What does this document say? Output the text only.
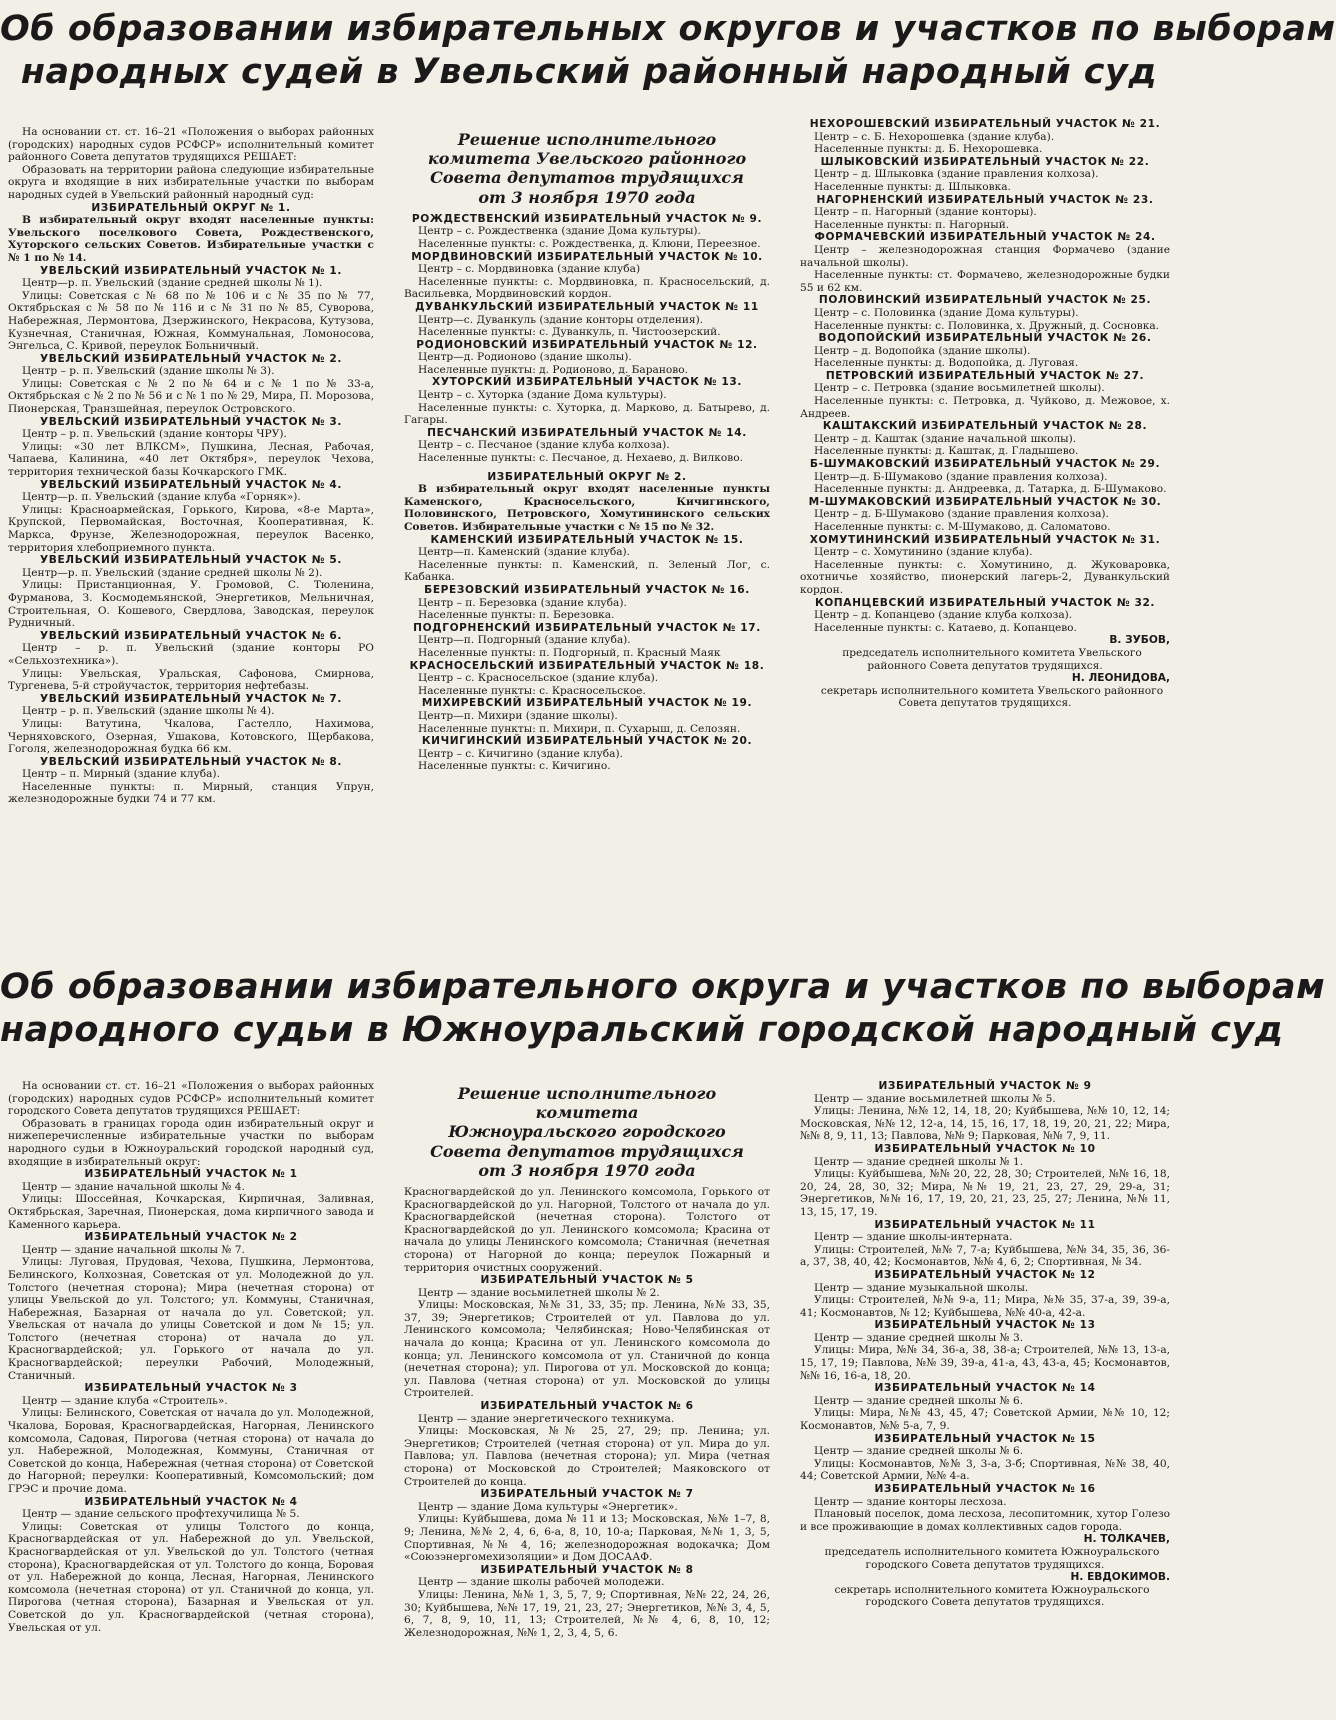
Об образовании избирательных округов и участков по выборам
народных судей в Увельский районный народный суд

На основании ст. ст. 16–21 «Положения о выборах районных (городских) народных судов РСФСР» исполнительный комитет районного Совета депутатов трудящихся РЕШАЕТ:

Образовать на территории района следующие избирательные округа и входящие в них избирательные участки по выборам народных судей в Увельский районный народный суд:

ИЗБИРАТЕЛЬНЫЙ ОКРУГ № 1.

В избирательный округ входят населенные пункты: Увельского поселкового Совета, Рождественского, Хуторского сельских Советов. Избирательные участки с № 1 по № 14.

УВЕЛЬСКИЙ ИЗБИРАТЕЛЬНЫЙ УЧАСТОК № 1.

Центр—р. п. Увельский (здание средней школы № 1).

Улицы: Советская с № 68 по № 106 и с № 35 по № 77, Октябрьская с № 58 по № 116 и с № 31 по № 85, Суворова, Набережная, Лермонтова, Дзержинского, Некрасова, Кутузова, Кузнечная, Станичная, Южная, Коммунальная, Ломоносова, Энгельса, С. Кривой, переулок Больничный.

УВЕЛЬСКИЙ ИЗБИРАТЕЛЬНЫЙ УЧАСТОК № 2.

Центр – р. п. Увельский (здание школы № 3).

Улицы: Советская с № 2 по № 64 и с № 1 по № 33-а, Октябрьская с № 2 по № 56 и с № 1 по № 29, Мира, П. Морозова, Пионерская, Транзшейная, переулок Островского.

УВЕЛЬСКИЙ ИЗБИРАТЕЛЬНЫЙ УЧАСТОК № 3.

Центр – р. п. Увельский (здание конторы ЧРУ).

Улицы: «30 лет ВЛКСМ», Пушкина, Лесная, Рабочая, Чапаева, Калинина, «40 лет Октября», переулок Чехова, территория технической базы Кочкарского ГМК.

УВЕЛЬСКИЙ ИЗБИРАТЕЛЬНЫЙ УЧАСТОК № 4.

Центр—р. п. Увельский (здание клуба «Горняк»).

Улицы: Красноармейская, Горького, Кирова, «8-е Марта», Крупской, Первомайская, Восточная, Кооперативная, К. Маркса, Фрунзе, Железнодорожная, переулок Васенко, территория хлебоприемного пункта.

УВЕЛЬСКИЙ ИЗБИРАТЕЛЬНЫЙ УЧАСТОК № 5.

Центр—р. п. Увельский (здание средней школы № 2).

Улицы: Пристанционная, У. Громовой, С. Тюленина, Фурманова, З. Космодемьянской, Энергетиков, Мельничная, Строительная, О. Кошевого, Свердлова, Заводская, переулок Рудничный.

УВЕЛЬСКИЙ ИЗБИРАТЕЛЬНЫЙ УЧАСТОК № 6.

Центр – р. п. Увельский (здание конторы РО «Сельхозтехника»).

Улицы: Увельская, Уральская, Сафонова, Смирнова, Тургенева, 5-й стройучасток, территория нефтебазы.

УВЕЛЬСКИЙ ИЗБИРАТЕЛЬНЫЙ УЧАСТОК № 7.

Центр – р. п. Увельский (здание школы № 4).

Улицы: Ватутина, Чкалова, Гастелло, Нахимова, Черняховского, Озерная, Ушакова, Котовского, Щербакова, Гоголя, железнодорожная будка 66 км.

УВЕЛЬСКИЙ ИЗБИРАТЕЛЬНЫЙ УЧАСТОК № 8.

Центр – п. Мирный (здание клуба).

Населенные пункты: п. Мирный, станция Упрун, железнодорожные будки 74 и 77 км.

Решение исполнительного
комитета Увельского районного
Совета депутатов трудящихся
от 3 ноября 1970 года

РОЖДЕСТВЕНСКИЙ ИЗБИРАТЕЛЬНЫЙ УЧАСТОК № 9.

Центр – с. Рождественка (здание Дома культуры).

Населенные пункты: с. Рождественка, д. Клюни, Переезное.

МОРДВИНОВСКИЙ ИЗБИРАТЕЛЬНЫЙ УЧАСТОК № 10.

Центр – с. Мордвиновка (здание клуба)

Населенные пункты: с. Мордвиновка, п. Красносельский, д. Васильевка, Мордвиновский кордон.

ДУВАНКУЛЬСКИЙ ИЗБИРАТЕЛЬНЫЙ УЧАСТОК № 11

Центр—с. Дуванкуль (здание конторы отделения).

Населенные пункты: с. Дуванкуль, п. Чистоозерский.

РОДИОНОВСКИЙ ИЗБИРАТЕЛЬНЫЙ УЧАСТОК № 12.

Центр—д. Родионово (здание школы).

Населенные пункты: д. Родионово, д. Бараново.

ХУТОРСКИЙ ИЗБИРАТЕЛЬНЫЙ УЧАСТОК № 13.

Центр – с. Хуторка (здание Дома культуры).

Населенные пункты: с. Хуторка, д. Марково, д. Батырево, д. Гагары.

ПЕСЧАНСКИЙ ИЗБИРАТЕЛЬНЫЙ УЧАСТОК № 14.

Центр – с. Песчаное (здание клуба колхоза).

Населенные пункты: с. Песчаное, д. Нехаево, д. Вилково.

ИЗБИРАТЕЛЬНЫЙ ОКРУГ № 2.

В избирательный округ входят населенные пункты Каменского, Красносельского, Кичигинского, Половинского, Петровского, Хомутининского сельских Советов. Избирательные участки с № 15 по № 32.

КАМЕНСКИЙ ИЗБИРАТЕЛЬНЫЙ УЧАСТОК № 15.

Центр—п. Каменский (здание клуба).

Населенные пункты: п. Каменский, п. Зеленый Лог, с. Кабанка.

БЕРЕЗОВСКИЙ ИЗБИРАТЕЛЬНЫЙ УЧАСТОК № 16.

Центр – п. Березовка (здание клуба).

Населенные пункты: п. Березовка.

ПОДГОРНЕНСКИЙ ИЗБИРАТЕЛЬНЫЙ УЧАСТОК № 17.

Центр—п. Подгорный (здание клуба).

Населенные пункты: п. Подгорный, п. Красный Маяк

КРАСНОСЕЛЬСКИЙ ИЗБИРАТЕЛЬНЫЙ УЧАСТОК № 18.

Центр – с. Красносельское (здание клуба).

Населенные пункты: с. Красносельское.

МИХИРЕВСКИЙ ИЗБИРАТЕЛЬНЫЙ УЧАСТОК № 19.

Центр—п. Михири (здание школы).

Населенные пункты: п. Михири, п. Сухарыш, д. Селозян.

КИЧИГИНСКИЙ ИЗБИРАТЕЛЬНЫЙ УЧАСТОК № 20.

Центр – с. Кичигино (здание клуба).

Населенные пункты: с. Кичигино.

НЕХОРОШЕВСКИЙ ИЗБИРАТЕЛЬНЫЙ УЧАСТОК № 21.

Центр – с. Б. Нехорошевка (здание клуба).

Населенные пункты: д. Б. Нехорошевка.

ШЛЫКОВСКИЙ ИЗБИРАТЕЛЬНЫЙ УЧАСТОК № 22.

Центр – д. Шлыковка (здание правления колхоза).

Населенные пункты: д. Шлыковка.

НАГОРНЕНСКИЙ ИЗБИРАТЕЛЬНЫЙ УЧАСТОК № 23.

Центр – п. Нагорный (здание конторы).

Населенные пункты: п. Нагорный.

ФОРМАЧЕВСКИЙ ИЗБИРАТЕЛЬНЫЙ УЧАСТОК № 24.

Центр – железнодорожная станция Формачево (здание начальной школы).

Населенные пункты: ст. Формачево, железнодорожные будки 55 и 62 км.

ПОЛОВИНСКИЙ ИЗБИРАТЕЛЬНЫЙ УЧАСТОК № 25.

Центр – с. Половинка (здание Дома культуры).

Населенные пункты: с. Половинка, х. Дружный, д. Сосновка.

ВОДОПОЙСКИЙ ИЗБИРАТЕЛЬНЫЙ УЧАСТОК № 26.

Центр – д. Водопойка (здание школы).

Населенные пункты: д. Водопойка, д. Луговая.

ПЕТРОВСКИЙ ИЗБИРАТЕЛЬНЫЙ УЧАСТОК № 27.

Центр – с. Петровка (здание восьмилетней школы).

Населенные пункты: с. Петровка, д. Чуйково, д. Межовое, х. Андреев.

КАШТАКСКИЙ ИЗБИРАТЕЛЬНЫЙ УЧАСТОК № 28.

Центр – д. Каштак (здание начальной школы).

Населенные пункты: д. Каштак, д. Гладышево.

Б-ШУМАКОВСКИЙ ИЗБИРАТЕЛЬНЫЙ УЧАСТОК № 29.

Центр—д. Б-Шумаково (здание правления колхоза).

Населенные пункты: д. Андреевка, д. Татарка, д. Б-Шумаково.

М-ШУМАКОВСКИЙ ИЗБИРАТЕЛЬНЫЙ УЧАСТОК № 30.

Центр – д. Б-Шумаково (здание правления колхоза).

Населенные пункты: с. М-Шумаково, д. Саломатово.

ХОМУТИНИНСКИЙ ИЗБИРАТЕЛЬНЫЙ УЧАСТОК № 31.

Центр – с. Хомутинино (здание клуба).

Населенные пункты: с. Хомутинино, д. Жуковаровка, охотничье хозяйство, пионерский лагерь-2, Дуванкульский кордон.

КОПАНЦЕВСКИЙ ИЗБИРАТЕЛЬНЫЙ УЧАСТОК № 32.

Центр – д. Копанцево (здание клуба колхоза).

Населенные пункты: с. Катаево, д. Копанцево.

В. ЗУБОВ,

председатель исполнительного комитета Увельского районного Совета депутатов трудящихся.

Н. ЛЕОНИДОВА,

секретарь исполнительного комитета Увельского районного Совета депутатов трудящихся.

Об образовании избирательного округа и участков по выборам
народного судьи в Южноуральский городской народный суд

На основании ст. ст. 16–21 «Положения о выборах районных (городских) народных судов РСФСР» исполнительный комитет городского Совета депутатов трудящихся РЕШАЕТ:

Образовать в границах города один избирательный округ и нижеперечисленные избирательные участки по выборам народного судьи в Южноуральский городской народный суд, входящие в избирательный округ:

ИЗБИРАТЕЛЬНЫЙ УЧАСТОК № 1

Центр — здание начальной школы № 4.

Улицы: Шоссейная, Кочкарская, Кирпичная, Заливная, Октябрьская, Заречная, Пионерская, дома кирпичного завода и Каменного карьера.

ИЗБИРАТЕЛЬНЫЙ УЧАСТОК № 2

Центр — здание начальной школы № 7.

Улицы: Луговая, Прудовая, Чехова, Пушкина, Лермонтова, Белинского, Колхозная, Советская от ул. Молодежной до ул. Толстого (нечетная сторона); Мира (нечетная сторона) от улицы Увельской до ул. Толстого; ул. Коммуны, Станичная, Набережная, Базарная от начала до ул. Советской; ул. Увельская от начала до улицы Советской и дом № 15; ул. Толстого (нечетная сторона) от начала до ул. Красногвардейской; ул. Горького от начала до ул. Красногвардейской; переулки Рабочий, Молодежный, Станичный.

ИЗБИРАТЕЛЬНЫЙ УЧАСТОК № 3

Центр — здание клуба «Строитель».

Улицы: Белинского, Советская от начала до ул. Молодежной, Чкалова, Боровая, Красногвардейская, Нагорная, Ленинского комсомола, Садовая, Пирогова (четная сторона) от начала до ул. Набережной, Молодежная, Коммуны, Станичная от Советской до конца, Набережная (четная сторона) от Советской до Нагорной; переулки: Кооперативный, Комсомольский; дом ГРЭС и прочие дома.

ИЗБИРАТЕЛЬНЫЙ УЧАСТОК № 4

Центр — здание сельского профтехучилища № 5.

Улицы: Советская от улицы Толстого до конца, Красногвардейская от ул. Набережной до ул. Увельской, Красногвардейская от ул. Увельской до ул. Толстого (четная сторона), Красногвардейская от ул. Толстого до конца, Боровая от ул. Набережной до конца, Лесная, Нагорная, Ленинского комсомола (нечетная сторона) от ул. Станичной до конца, ул. Пирогова (четная сторона), Базарная и Увельская от ул. Советской до ул. Красногвардейской (четная сторона), Увельская от ул.

Решение исполнительного комитета
Южноуральского городского
Совета депутатов трудящихся
от 3 ноября 1970 года

Красногвардейской до ул. Ленинского комсомола, Горького от Красногвардейской до ул. Нагорной, Толстого от начала до ул. Красногвардейской (нечетная сторона). Толстого от Красногвардейской до ул. Ленинского комсомола; Красина от начала до улицы Ленинского комсомола; Станичная (нечетная сторона) от Нагорной до конца; переулок Пожарный и территория очистных сооружений.

ИЗБИРАТЕЛЬНЫЙ УЧАСТОК № 5

Центр — здание восьмилетней школы № 2.

Улицы: Московская, №№ 31, 33, 35; пр. Ленина, №№ 33, 35, 37, 39; Энергетиков; Строителей от ул. Павлова до ул. Ленинского комсомола; Челябинская; Ново-Челябинская от начала до конца; Красина от ул. Ленинского комсомола до конца; ул. Ленинского комсомола от ул. Станичной до конца (нечетная сторона); ул. Пирогова от ул. Московской до конца; ул. Павлова (четная сторона) от ул. Московской до улицы Строителей.

ИЗБИРАТЕЛЬНЫЙ УЧАСТОК № 6

Центр — здание энергетического техникума.

Улицы: Московская, №№ 25, 27, 29; пр. Ленина; ул. Энергетиков; Строителей (четная сторона) от ул. Мира до ул. Павлова; ул. Павлова (нечетная сторона); ул. Мира (четная сторона) от Московской до Строителей; Маяковского от Строителей до конца.

ИЗБИРАТЕЛЬНЫЙ УЧАСТОК № 7

Центр — здание Дома культуры «Энергетик».

Улицы: Куйбышева, дома № 11 и 13; Московская, №№ 1–7, 8, 9; Ленина, №№ 2, 4, 6, 6-а, 8, 10, 10-а; Парковая, №№ 1, 3, 5, Спортивная, №№ 4, 16; железнодорожная водокачка; Дом «Союзэнергомехизоляции» и Дом ДОСААФ.

ИЗБИРАТЕЛЬНЫЙ УЧАСТОК № 8

Центр — здание школы рабочей молодежи.

Улицы: Ленина, №№ 1, 3, 5, 7, 9; Спортивная, №№ 22, 24, 26, 30; Куйбышева, №№ 17, 19, 21, 23, 27; Энергетиков, №№ 3, 4, 5, 6, 7, 8, 9, 10, 11, 13; Строителей, №№ 4, 6, 8, 10, 12; Железнодорожная, №№ 1, 2, 3, 4, 5, 6.

ИЗБИРАТЕЛЬНЫЙ УЧАСТОК № 9

Центр — здание восьмилетней школы № 5.

Улицы: Ленина, №№ 12, 14, 18, 20; Куйбышева, №№ 10, 12, 14; Московская, №№ 12, 12-а, 14, 15, 16, 17, 18, 19, 20, 21, 22; Мира, №№ 8, 9, 11, 13; Павлова, №№ 9; Парковая, №№ 7, 9, 11.

ИЗБИРАТЕЛЬНЫЙ УЧАСТОК № 10

Центр — здание средней школы № 1.

Улицы: Куйбышева, №№ 20, 22, 28, 30; Строителей, №№ 16, 18, 20, 24, 28, 30, 32; Мира, №№ 19, 21, 23, 27, 29, 29-а, 31; Энергетиков, №№ 16, 17, 19, 20, 21, 23, 25, 27; Ленина, №№ 11, 13, 15, 17, 19.

ИЗБИРАТЕЛЬНЫЙ УЧАСТОК № 11

Центр — здание школы-интерната.

Улицы: Строителей, №№ 7, 7-а; Куйбышева, №№ 34, 35, 36, 36-а, 37, 38, 40, 42; Космонавтов, №№ 4, 6, 2; Спортивная, № 34.

ИЗБИРАТЕЛЬНЫЙ УЧАСТОК № 12

Центр — здание музыкальной школы.

Улицы: Строителей, №№ 9-а, 11; Мира, №№ 35, 37-а, 39, 39-а, 41; Космонавтов, № 12; Куйбышева, №№ 40-а, 42-а.

ИЗБИРАТЕЛЬНЫЙ УЧАСТОК № 13

Центр — здание средней школы № 3.

Улицы: Мира, №№ 34, 36-а, 38, 38-а; Строителей, №№ 13, 13-а, 15, 17, 19; Павлова, №№ 39, 39-а, 41-а, 43, 43-а, 45; Космонавтов, №№ 16, 16-а, 18, 20.

ИЗБИРАТЕЛЬНЫЙ УЧАСТОК № 14

Центр — здание средней школы № 6.

Улицы: Мира, №№ 43, 45, 47; Советской Армии, №№ 10, 12; Космонавтов, №№ 5-а, 7, 9.

ИЗБИРАТЕЛЬНЫЙ УЧАСТОК № 15

Центр — здание средней школы № 6.

Улицы: Космонавтов, №№ 3, 3-а, 3-б; Спортивная, №№ 38, 40, 44; Советской Армии, №№ 4-а.

ИЗБИРАТЕЛЬНЫЙ УЧАСТОК № 16

Центр — здание конторы лесхоза.

Плановый поселок, дома лесхоза, лесопитомник, хутор Голезо и все проживающие в домах коллективных садов города.

Н. ТОЛКАЧЕВ,

председатель исполнительного комитета Южноуральского городского Совета депутатов трудящихся.

Н. ЕВДОКИМОВ.

секретарь исполнительного комитета Южноуральского городского Совета депутатов трудящихся.
